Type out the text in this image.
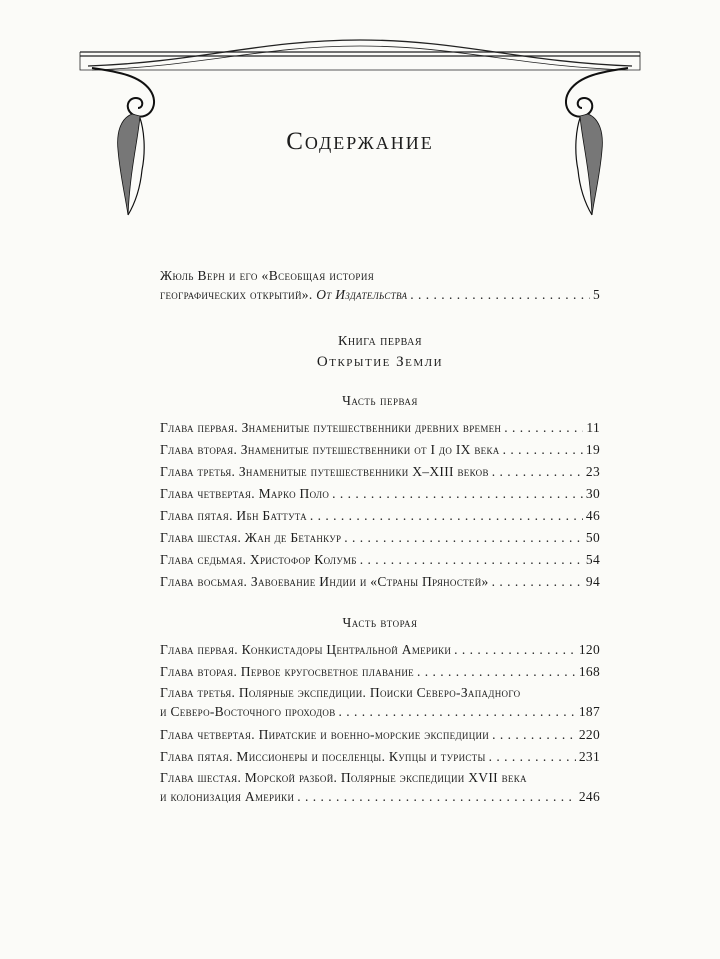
Содержание
Жюль Верн и его «Всеобщая история
географических открытий». От Издательства . . .	5
Книга первая
Открытие Земли
Часть первая
Глава первая. Знаменитые путешественники древних времен . . .	11
Глава вторая. Знаменитые путешественники от I до IX века . . .	19
Глава третья. Знаменитые путешественники X–XIII веков . . .	23
Глава четвертая. Марко Поло . . .	30
Глава пятая. Ибн Баттута . . .	46
Глава шестая. Жан де Бетанкур . . .	50
Глава седьмая. Христофор Колумб . . .	54
Глава восьмая. Завоевание Индии и «Страны Пряностей» . . .	94
Часть вторая
Глава первая. Конкистадоры Центральной Америки . . .	120
Глава вторая. Первое кругосветное плавание . . .	168
Глава третья. Полярные экспедиции. Поиски Северо-Западного
и Северо-Восточного проходов . . .	187
Глава четвертая. Пиратские и военно-морские экспедиции . . .	220
Глава пятая. Миссионеры и поселенцы. Купцы и туристы . . .	231
Глава шестая. Морской разбой. Полярные экспедиции XVII века
и колонизация Америки . . .	246
